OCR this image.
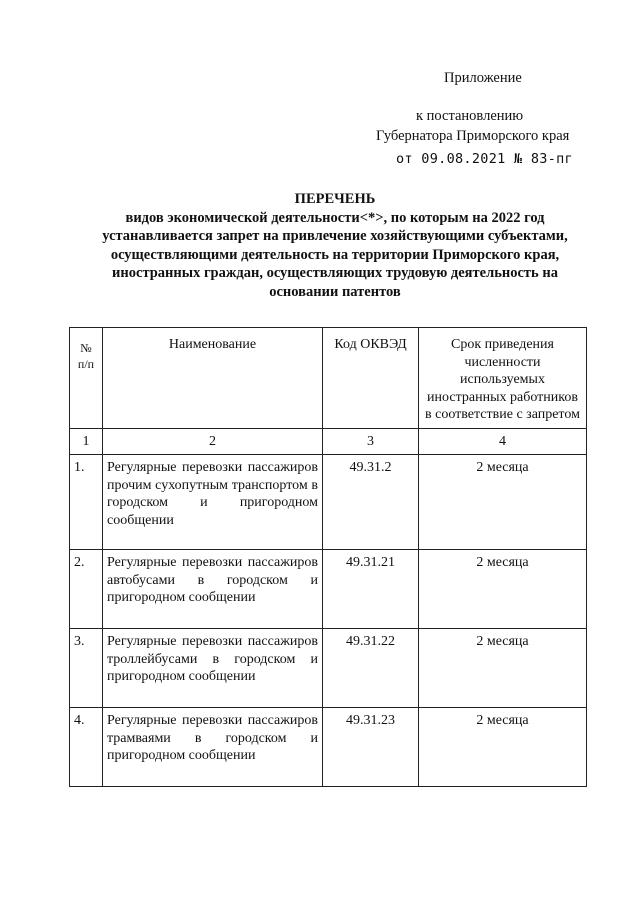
Приложение
к постановлению
Губернатора Приморского края
от 09.08.2021 № 83-пг
ПЕРЕЧЕНЬ
видов экономической деятельности<*>, по которым на 2022 год
устанавливается запрет на привлечение хозяйствующими субъектами,
осуществляющими деятельность на территории Приморского края,
иностранных граждан, осуществляющих трудовую деятельность на
основании патентов
№ п/п	Наименование	Код ОКВЭД	Срок приведения численности используемых иностранных работников в соответствие с запретом
1	2	3	4
1.	Регулярные перевозки пассажиров прочим сухопутным транспортом в городском и пригородном сообщении	49.31.2	2 месяца
2.	Регулярные перевозки пассажиров автобусами в городском и пригородном сообщении	49.31.21	2 месяца
3.	Регулярные перевозки пассажиров троллейбусами в городском и пригородном сообщении	49.31.22	2 месяца
4.	Регулярные перевозки пассажиров трамваями в городском и пригородном сообщении	49.31.23	2 месяца
